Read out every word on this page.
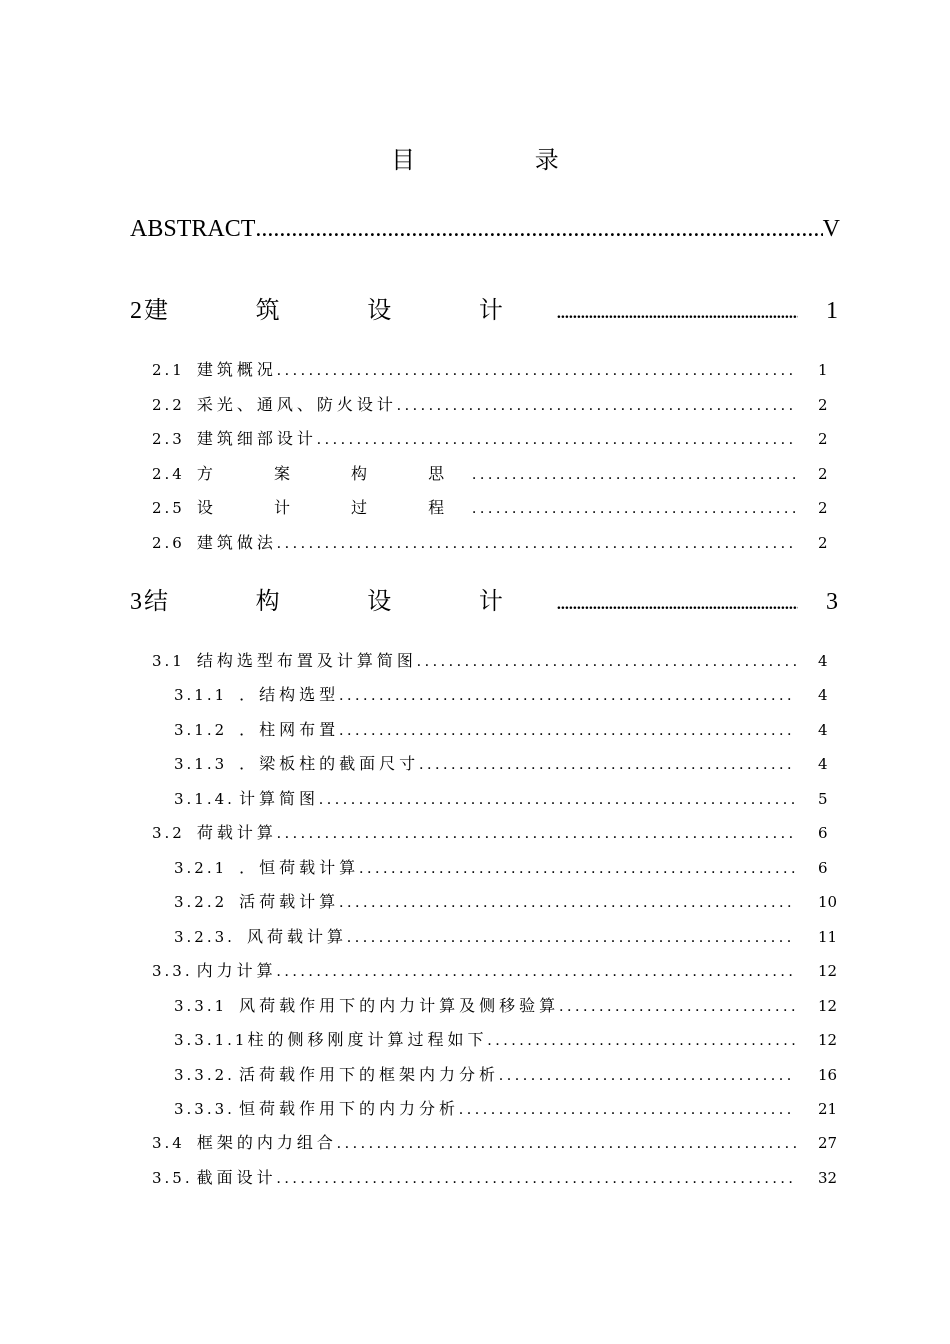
目 录
ABSTRACT .....	V
2 建 筑 设 计 .....	1
2.1 建筑概况 . . .	1
2.2 采光、通风、防火设计 . . .	2
2.3 建筑细部设计 . . .	2
2.4 方 案 构 思 . . .	2
2.5 设 计 过 程 . . .	2
2.6 建筑做法 . . .	2
3 结 构 设 计 .....	3
3.1 结构选型布置及计算简图 . . .	4
3.1.1 ．结构选型 . . .	4
3.1.2 ．柱网布置 . . .	4
3.1.3 ．梁板柱的截面尺寸 . . .	4
3.1.4. 计算简图 . . .	5
3.2 荷载计算 . . .	6
3.2.1 ．恒荷载计算 . . .	6
3.2.2 活荷载计算 . . .	10
3.2.3. 风荷载计算 . . .	11
3.3. 内力计算 . . .	12
3.3.1 风荷载作用下的内力计算及侧移验算 . . .	12
3.3.1.1 柱的侧移刚度计算过程如下 . . .	12
3.3.2. 活荷载作用下的框架内力分析 . . .	16
3.3.3. 恒荷载作用下的内力分析 . . .	21
3.4 框架的内力组合 . . .	27
3.5. 截面设计 . . .	32
